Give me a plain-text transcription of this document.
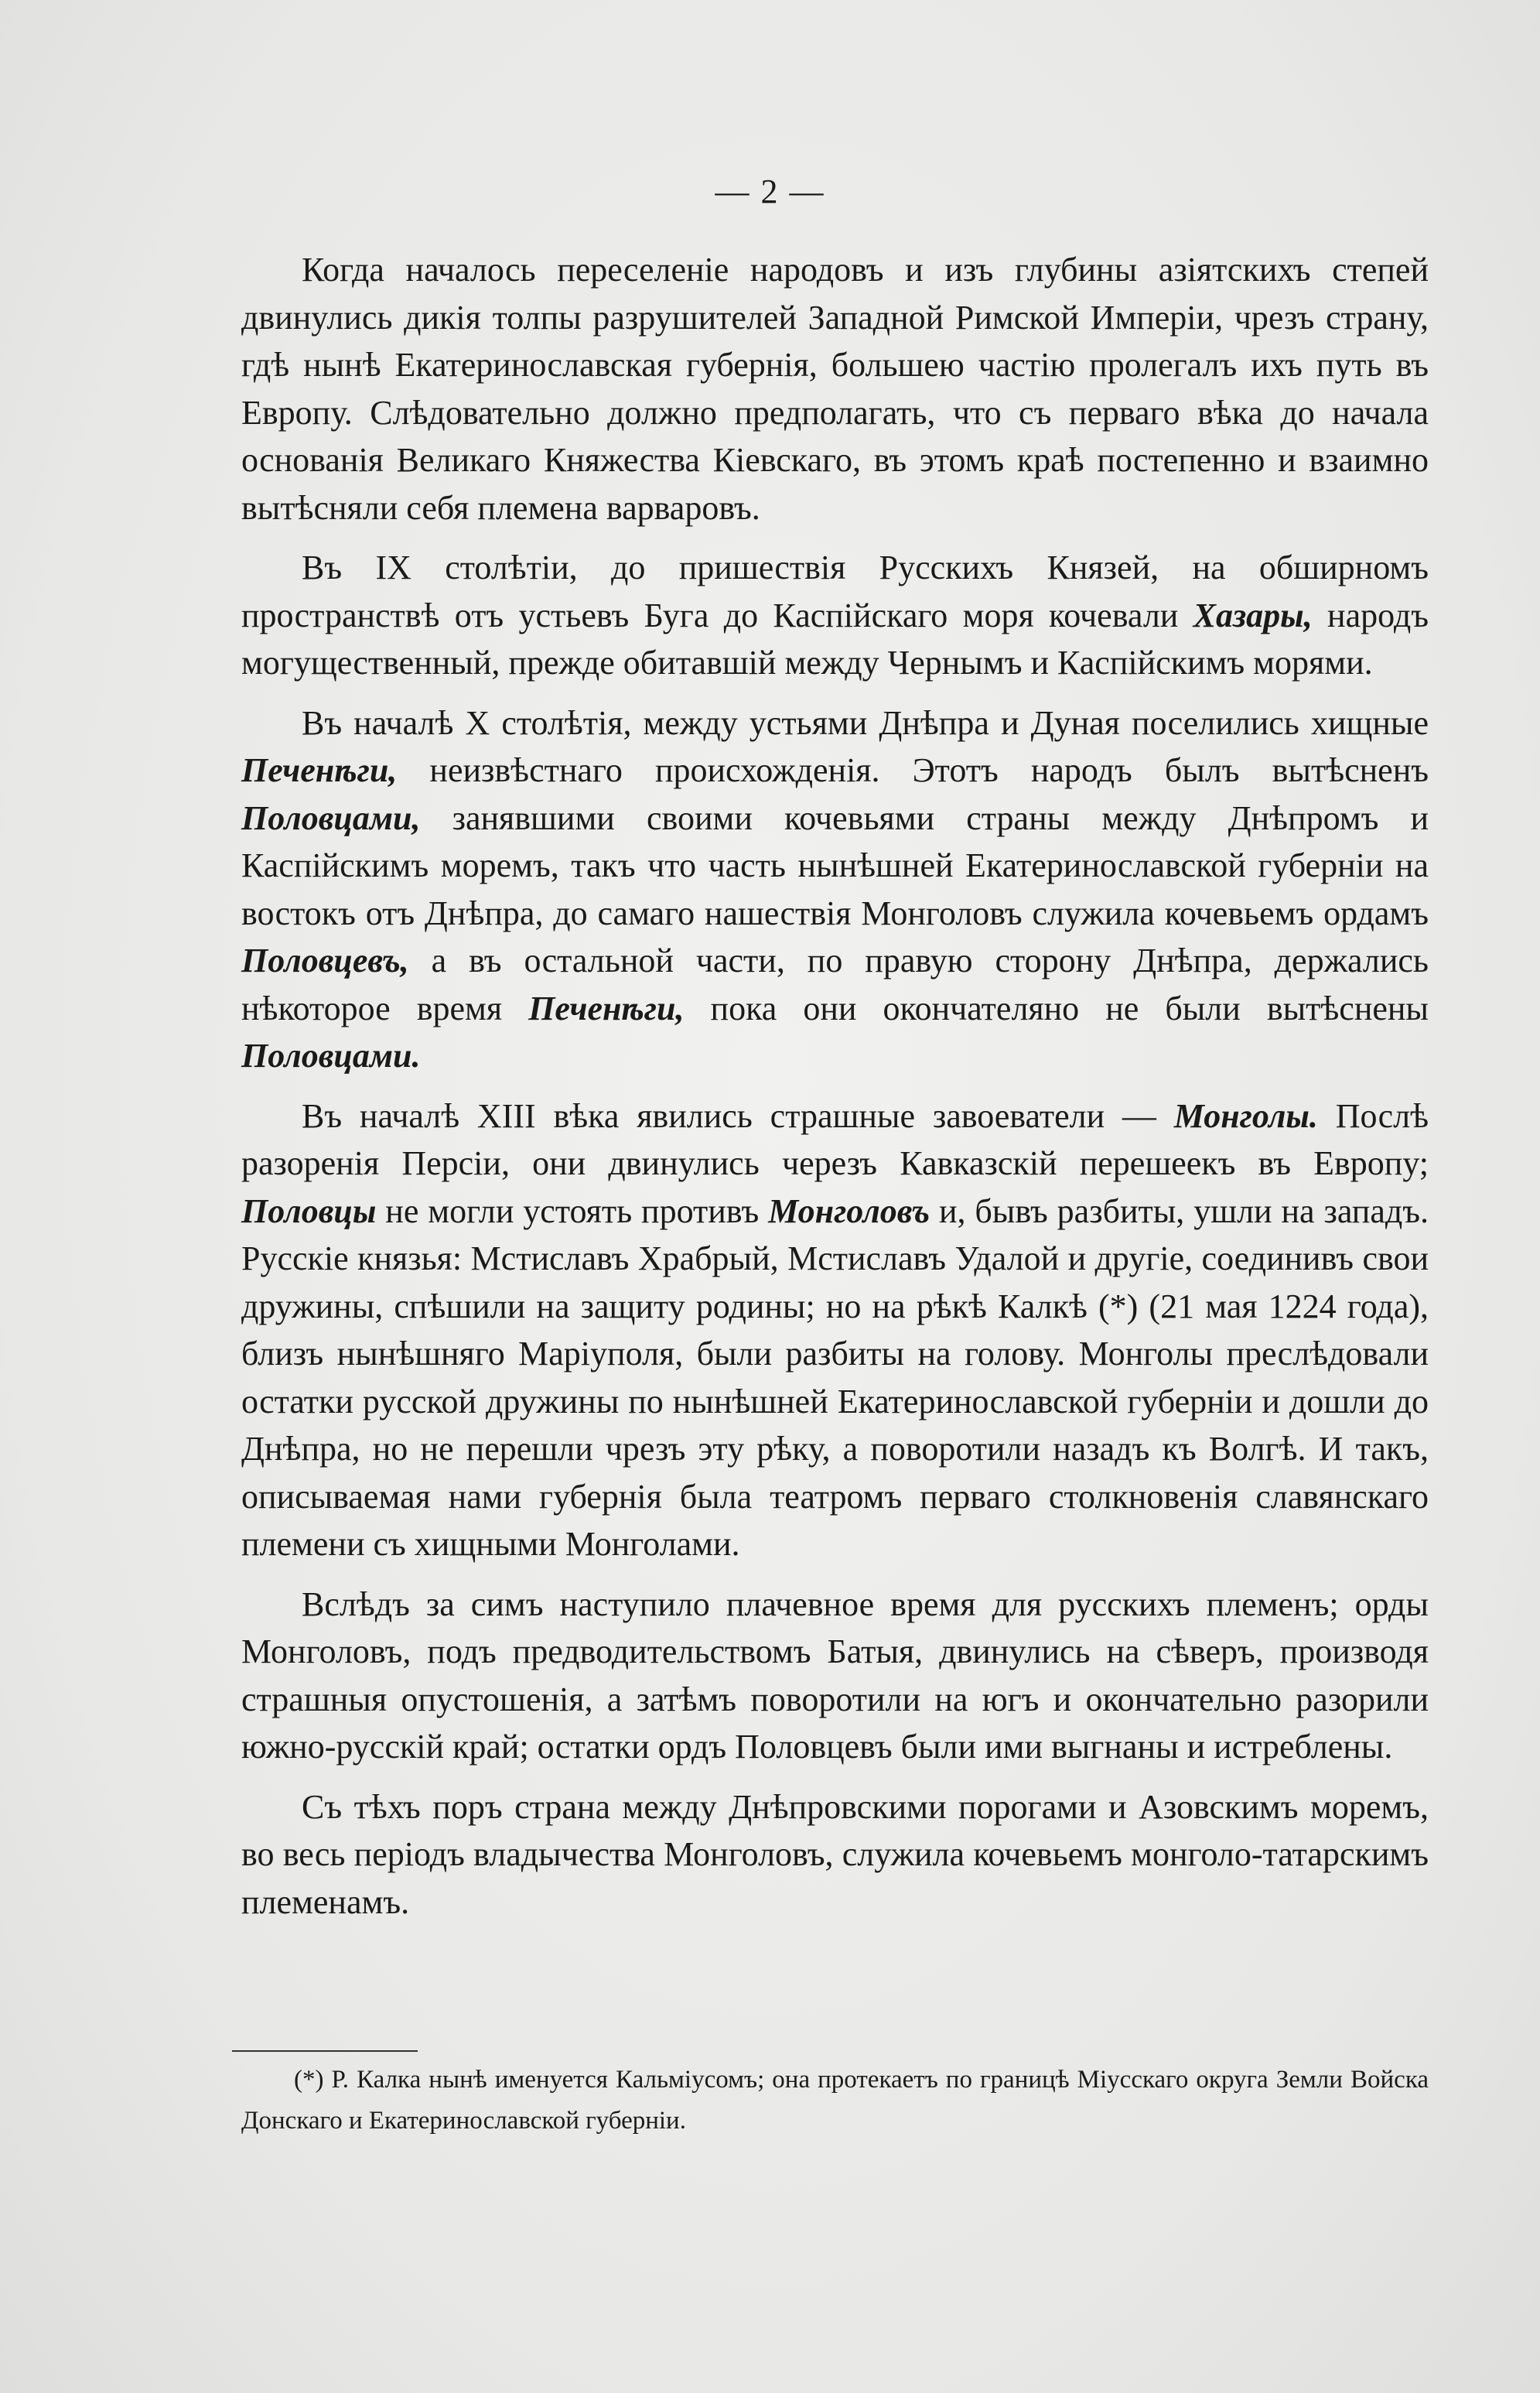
— 2 —

Когда началось переселеніе народовъ и изъ глубины азіятскихъ степей двинулись дикія толпы разрушителей Западной Римской Имперіи, чрезъ страну, гдѣ нынѣ Екатеринославская губернія, большею частію пролегалъ ихъ путь въ Европу. Слѣдовательно должно предполагать, что съ перваго вѣка до начала основанія Великаго Княжества Кіевскаго, въ этомъ краѣ постепенно и взаимно вытѣсняли себя племена варваровъ.

Въ IX столѣтіи, до пришествія Русскихъ Князей, на обширномъ пространствѣ отъ устьевъ Буга до Каспійскаго моря кочевали Хазары, народъ могущественный, прежде обитавшій между Чернымъ и Каспійскимъ морями.

Въ началѣ X столѣтія, между устьями Днѣпра и Дуная поселились хищные Печенѣги, неизвѣстнаго происхожденія. Этотъ народъ былъ вытѣсненъ Половцами, занявшими своими кочевьями страны между Днѣпромъ и Каспійскимъ моремъ, такъ что часть нынѣшней Екатеринославской губерніи на востокъ отъ Днѣпра, до самаго нашествія Монголовъ служила кочевьемъ ордамъ Половцевъ, а въ остальной части, по правую сторону Днѣпра, держались нѣкоторое время Печенѣги, пока они окончателяно не были вытѣснены Половцами.

Въ началѣ XIII вѣка явились страшные завоеватели — Монголы. Послѣ разоренія Персіи, они двинулись черезъ Кавказскій перешеекъ въ Европу; Половцы не могли устоять противъ Монголовъ и, бывъ разбиты, ушли на западъ. Русскіе князья: Мстиславъ Храбрый, Мстиславъ Удалой и другіе, соединивъ свои дружины, спѣшили на защиту родины; но на рѣкѣ Калкѣ (*) (21 мая 1224 года), близъ нынѣшняго Маріуполя, были разбиты на голову. Монголы преслѣдовали остатки русской дружины по нынѣшней Екатеринославской губерніи и дошли до Днѣпра, но не перешли чрезъ эту рѣку, а поворотили назадъ къ Волгѣ. И такъ, описываемая нами губернія была театромъ перваго столкновенія славянскаго племени съ хищными Монголами.

Вслѣдъ за симъ наступило плачевное время для русскихъ племенъ; орды Монголовъ, подъ предводительствомъ Батыя, двинулись на сѣверъ, производя страшныя опустошенія, а затѣмъ поворотили на югъ и окончательно разорили южно-русскій край; остатки ордъ Половцевъ были ими выгнаны и истреблены.

Съ тѣхъ поръ страна между Днѣпровскими порогами и Азовскимъ моремъ, во весь періодъ владычества Монголовъ, служила кочевьемъ монголо-татарскимъ племенамъ.

(*) Р. Калка нынѣ именуется Кальміусомъ; она протекаетъ по границѣ Міусскаго округа Земли Войска Донскаго и Екатеринославской губерніи.
